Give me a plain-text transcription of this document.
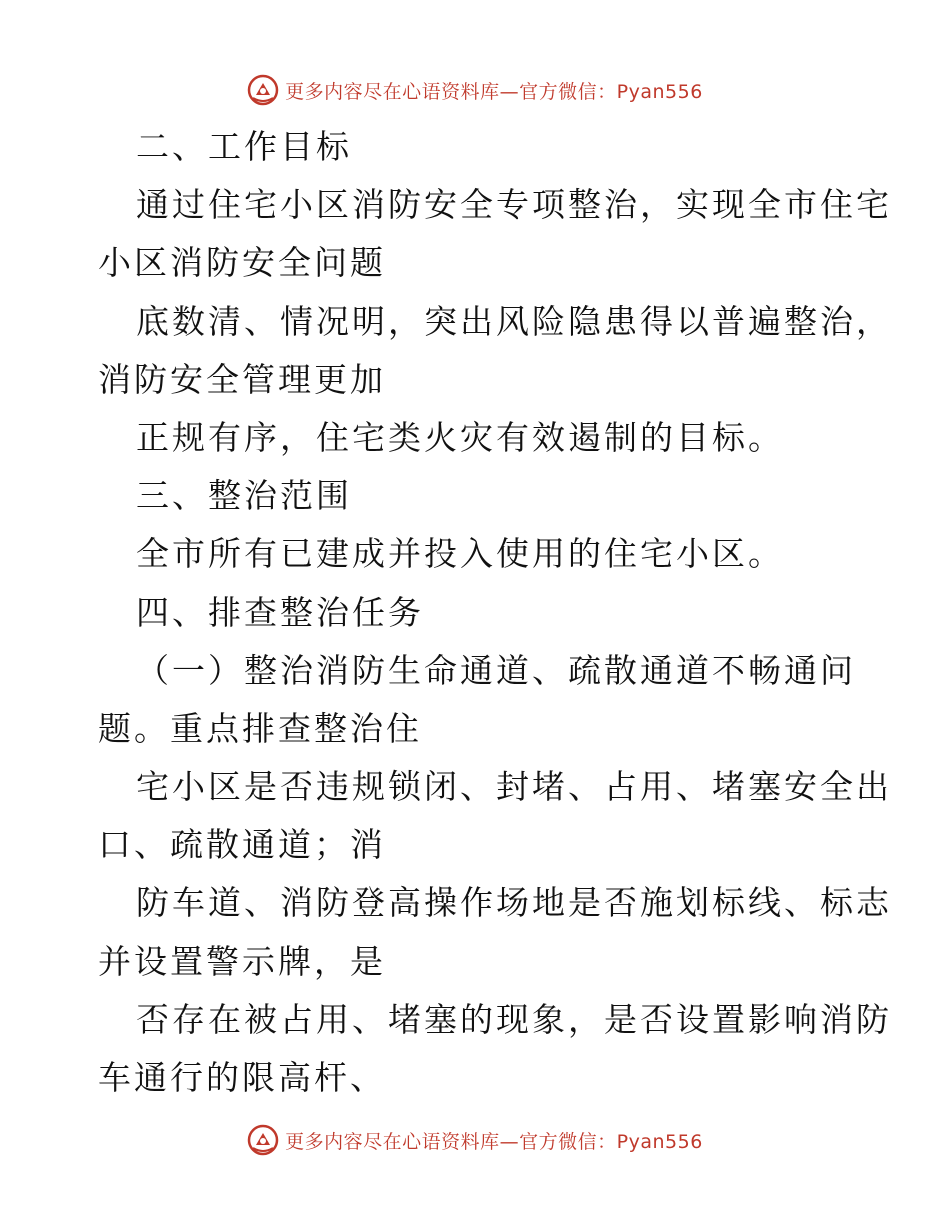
更多内容尽在心语资料库—官方微信：Pyan556
二、工作目标
通过住宅小区消防安全专项整治，实现全市住宅
小区消防安全问题
底数清、情况明，突出风险隐患得以普遍整治，
消防安全管理更加
正规有序，住宅类火灾有效遏制的目标。
三、整治范围
全市所有已建成并投入使用的住宅小区。
四、排查整治任务
（一）整治消防生命通道、疏散通道不畅通问
题。重点排查整治住
宅小区是否违规锁闭、封堵、占用、堵塞安全出
口、疏散通道；消
防车道、消防登高操作场地是否施划标线、标志
并设置警示牌，是
否存在被占用、堵塞的现象，是否设置影响消防
车通行的限高杆、
更多内容尽在心语资料库—官方微信：Pyan556
